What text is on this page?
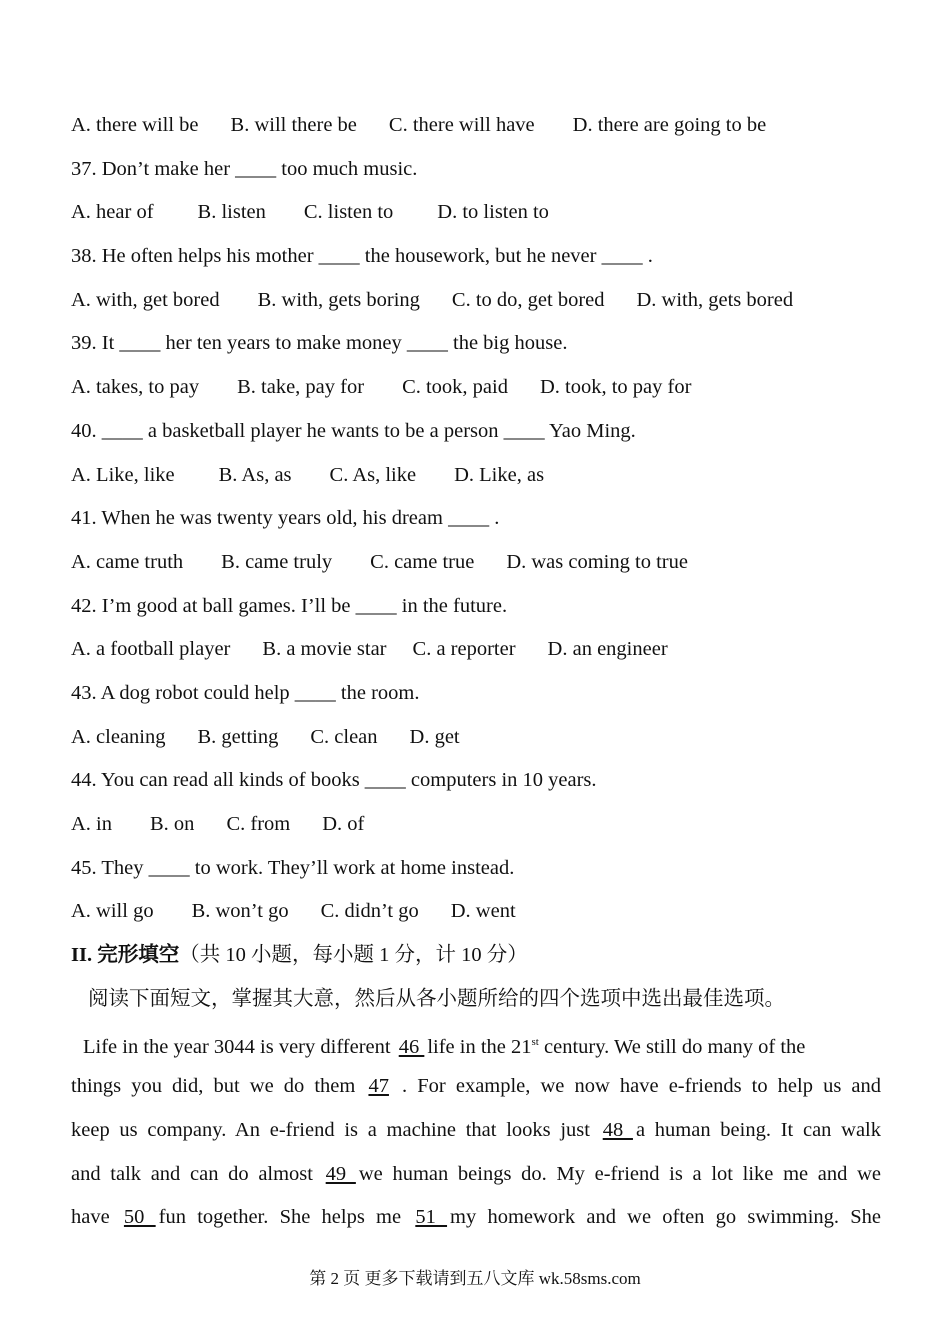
A. there will be B. will there be C. there will have D. there are going to be
37. Don’t make her ____ too much music.
A. hear of B. listen C. listen to D. to listen to
38. He often helps his mother ____ the housework, but he never ____ .
A. with, get bored B. with, gets boring C. to do, get bored D. with, gets bored
39. It ____ her ten years to make money ____ the big house.
A. takes, to pay B. take, pay for C. took, paid D. took, to pay for
40. ____ a basketball player he wants to be a person ____ Yao Ming.
A. Like, like B. As, as C. As, like D. Like, as
41. When he was twenty years old, his dream ____ .
A. came truth B. came truly C. came true D. was coming to true
42. I’m good at ball games. I’ll be ____ in the future.
A. a football player B. a movie star C. a reporter D. an engineer
43. A dog robot could help ____ the room.
A. cleaning B. getting C. clean D. get
44. You can read all kinds of books ____ computers in 10 years.
A. in B. on C. from D. of
45. They ____ to work. They’ll work at home instead.
A. will go B. won’t go C. didn’t go D. went
II. 完形填空（共 10 小题，每小题 1 分，计 10 分）
阅读下面短文，掌握其大意，然后从各小题所给的四个选项中选出最佳选项。
Life in the year 3044 is very different 46 life in the 21st century. We still do many of the
things you did, but we do them 47 . For example, we now have e-friends to help us and
keep us company. An e-friend is a machine that looks just 48 a human being. It can walk
and talk and can do almost 49 we human beings do. My e-friend is a lot like me and we
have 50 fun together. She helps me 51 my homework and we often go swimming. She
第 2 页 更多下载请到五八文库 wk.58sms.com
